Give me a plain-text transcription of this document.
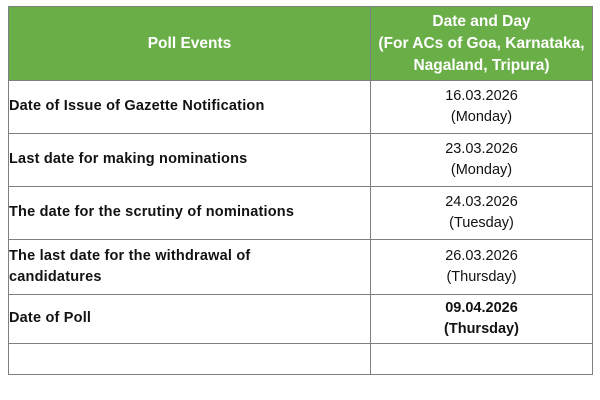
Poll Events	Date and Day
(For ACs of Goa, Karnataka,
Nagaland, Tripura)

Date of Issue of Gazette Notification	16.03.2026
(Monday)

Last date for making nominations	23.03.2026
(Monday)

The date for the scrutiny of nominations	24.03.2026
(Tuesday)

The last date for the withdrawal of
candidatures	26.03.2026
(Thursday)

Date of Poll	09.04.2026
(Thursday)
